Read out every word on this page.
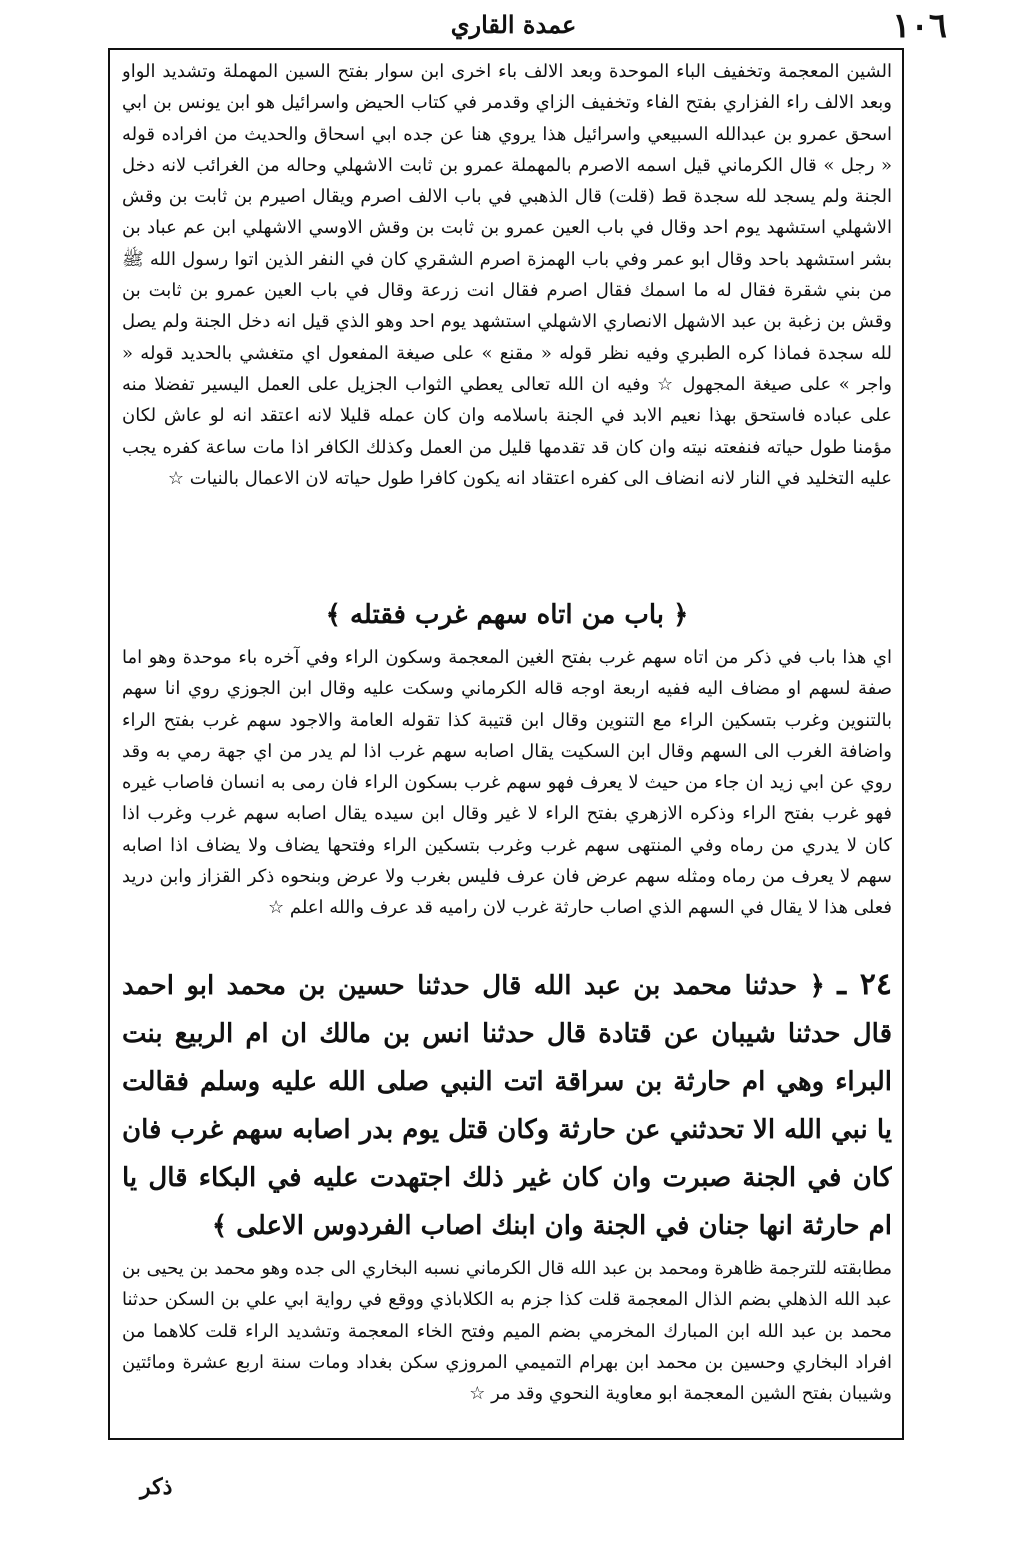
١٠٦
عمدة القاري

الشين المعجمة وتخفيف الباء الموحدة وبعد الالف باء اخرى ابن سوار بفتح السين المهملة وتشديد الواو وبعد الالف راء الفزاري بفتح الفاء وتخفيف الزاي وقدمر في كتاب الحيض واسرائيل هو ابن يونس بن ابي اسحق عمرو بن عبدالله السبيعي واسرائيل هذا يروي هنا عن جده ابي اسحاق والحديث من افراده قوله « رجل » قال الكرماني قيل اسمه الاصرم بالمهملة عمرو بن ثابت الاشهلي وحاله من الغرائب لانه دخل الجنة ولم يسجد لله سجدة قط (قلت) قال الذهبي في باب الالف اصرم ويقال اصيرم بن ثابت بن وقش الاشهلي استشهد يوم احد وقال في باب العين عمرو بن ثابت بن وقش الاوسي الاشهلي ابن عم عباد بن بشر استشهد باحد وقال ابو عمر وفي باب الهمزة اصرم الشقري كان في النفر الذين اتوا رسول الله ﷺ من بني شقرة فقال له ما اسمك فقال اصرم فقال انت زرعة وقال في باب العين عمرو بن ثابت بن وقش بن زغبة بن عبد الاشهل الانصاري الاشهلي استشهد يوم احد وهو الذي قيل انه دخل الجنة ولم يصل لله سجدة فماذا كره الطبري وفيه نظر قوله « مقنع » على صيغة المفعول اي متغشي بالحديد قوله « واجر » على صيغة المجهول ☆ وفيه ان الله تعالى يعطي الثواب الجزيل على العمل اليسير تفضلا منه على عباده فاستحق بهذا نعيم الابد في الجنة باسلامه وان كان عمله قليلا لانه اعتقد انه لو عاش لكان مؤمنا طول حياته فنفعته نيته وان كان قد تقدمها قليل من العمل وكذلك الكافر اذا مات ساعة كفره يجب عليه التخليد في النار لانه انضاف الى كفره اعتقاد انه يكون كافرا طول حياته لان الاعمال بالنيات ☆

﴿ باب من اتاه سهم غرب فقتله ﴾

اي هذا باب في ذكر من اتاه سهم غرب بفتح الغين المعجمة وسكون الراء وفي آخره باء موحدة وهو اما صفة لسهم او مضاف اليه ففيه اربعة اوجه قاله الكرماني وسكت عليه وقال ابن الجوزي روي انا سهم بالتنوين وغرب بتسكين الراء مع التنوين وقال ابن قتيبة كذا تقوله العامة والاجود سهم غرب بفتح الراء واضافة الغرب الى السهم وقال ابن السكيت يقال اصابه سهم غرب اذا لم يدر من اي جهة رمي به وقد روي عن ابي زيد ان جاء من حيث لا يعرف فهو سهم غرب بسكون الراء فان رمى به انسان فاصاب غيره فهو غرب بفتح الراء وذكره الازهري بفتح الراء لا غير وقال ابن سيده يقال اصابه سهم غرب وغرب اذا كان لا يدري من رماه وفي المنتهى سهم غرب وغرب بتسكين الراء وفتحها يضاف ولا يضاف اذا اصابه سهم لا يعرف من رماه ومثله سهم عرض فان عرف فليس بغرب ولا عرض وبنحوه ذكر القزاز وابن دريد فعلى هذا لا يقال في السهم الذي اصاب حارثة غرب لان راميه قد عرف والله اعلم ☆

٢٤ ـ ﴿ حدثنا محمد بن عبد الله قال حدثنا حسين بن محمد ابو احمد قال حدثنا شيبان عن قتادة قال حدثنا انس بن مالك ان ام الربيع بنت البراء وهي ام حارثة بن سراقة اتت النبي صلى الله عليه وسلم فقالت يا نبي الله الا تحدثني عن حارثة وكان قتل يوم بدر اصابه سهم غرب فان كان في الجنة صبرت وان كان غير ذلك اجتهدت عليه في البكاء قال يا ام حارثة انها جنان في الجنة وان ابنك اصاب الفردوس الاعلى ﴾

مطابقته للترجمة ظاهرة ومحمد بن عبد الله قال الكرماني نسبه البخاري الى جده وهو محمد بن يحيى بن عبد الله الذهلي بضم الذال المعجمة قلت كذا جزم به الكلاباذي ووقع في رواية ابي علي بن السكن حدثنا محمد بن عبد الله ابن المبارك المخرمي بضم الميم وفتح الخاء المعجمة وتشديد الراء قلت كلاهما من افراد البخاري وحسين بن محمد ابن بهرام التميمي المروزي سكن بغداد ومات سنة اربع عشرة ومائتين وشيبان بفتح الشين المعجمة ابو معاوية النحوي وقد مر ☆

ذكر
